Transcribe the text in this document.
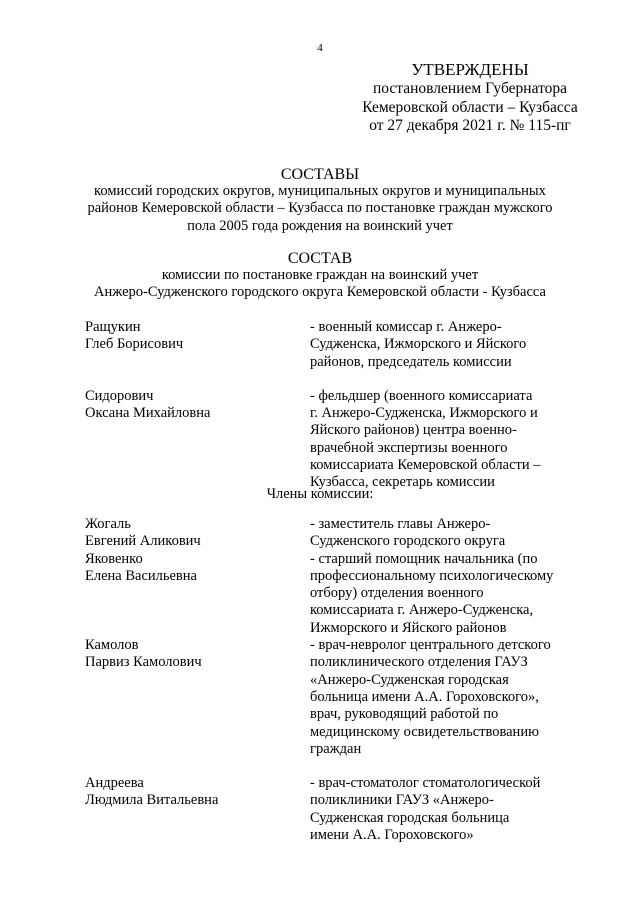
4
УТВЕРЖДЕНЫ
постановлением Губернатора
Кемеровской области – Кузбасса
от 27 декабря 2021 г. № 115-пг
СОСТАВЫ
комиссий городских округов, муниципальных округов и муниципальных
районов Кемеровской области – Кузбасса по постановке граждан мужского
пола 2005 года рождения на воинский учет
СОСТАВ
комиссии по постановке граждан на воинский учет
Анжеро-Судженского городского округа Кемеровской области - Кузбасса
Ращукин
Глеб Борисович
- военный комиссар г. Анжеро-
Судженска, Ижморского и Яйского
районов, председатель комиссии
Сидорович
Оксана Михайловна
- фельдшер (военного комиссариата
г. Анжеро-Судженска, Ижморского и
Яйского районов) центра военно-
врачебной экспертизы военного
комиссариата Кемеровской области –
Кузбасса, секретарь комиссии
Члены комиссии:
Жогаль
Евгений Аликович
- заместитель главы Анжеро-
Судженского городского округа
Яковенко
Елена Васильевна
- старший помощник начальника (по
профессиональному психологическому
отбору) отделения военного
комиссариата г. Анжеро-Судженска,
Ижморского и Яйского районов
Камолов
Парвиз Камолович
- врач-невролог центрального детского
поликлинического отделения ГАУЗ
«Анжеро-Судженская городская
больница имени А.А. Гороховского»,
врач, руководящий работой по
медицинскому освидетельствованию
граждан
Андреева
Людмила Витальевна
- врач-стоматолог стоматологической
поликлиники ГАУЗ «Анжеро-
Судженская городская больница
имени А.А. Гороховского»
